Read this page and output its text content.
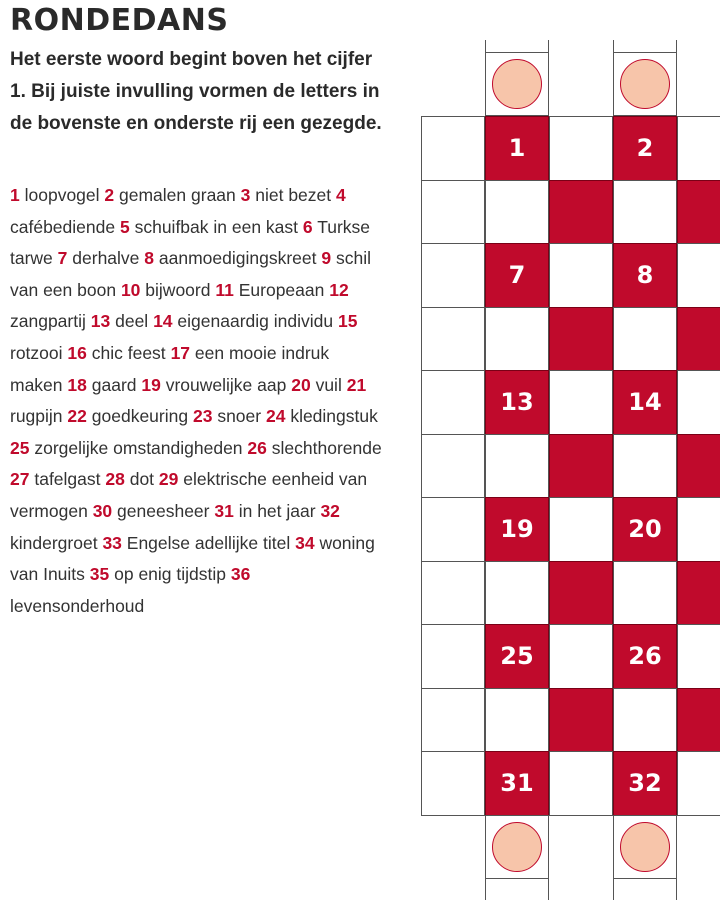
RONDEDANS

Het eerste woord begint boven het cijfer 1. Bij juiste invulling vormen de letters in de bovenste en onderste rij een gezegde.

1 loopvogel 2 gemalen graan 3 niet bezet 4 cafébediende 5 schuifbak in een kast 6 Turkse tarwe 7 derhalve 8 aanmoedigingskreet 9 schil van een boon 10 bijwoord 11 Europeaan 12 zangpartij 13 deel 14 eigenaardig individu 15 rotzooi 16 chic feest 17 een mooie indruk maken 18 gaard 19 vrouwelijke aap 20 vuil 21 rugpijn 22 goedkeuring 23 snoer 24 kledingstuk 25 zorgelijke omstandigheden 26 slechthorende 27 tafelgast 28 dot 29 elektrische eenheid van vermogen 30 geneesheer 31 in het jaar 32 kindergroet 33 Engelse adellijke titel 34 woning van Inuits 35 op enig tijdstip 36 levensonderhoud
1	2
7	8
13	14
19	20
25	26
31	32
